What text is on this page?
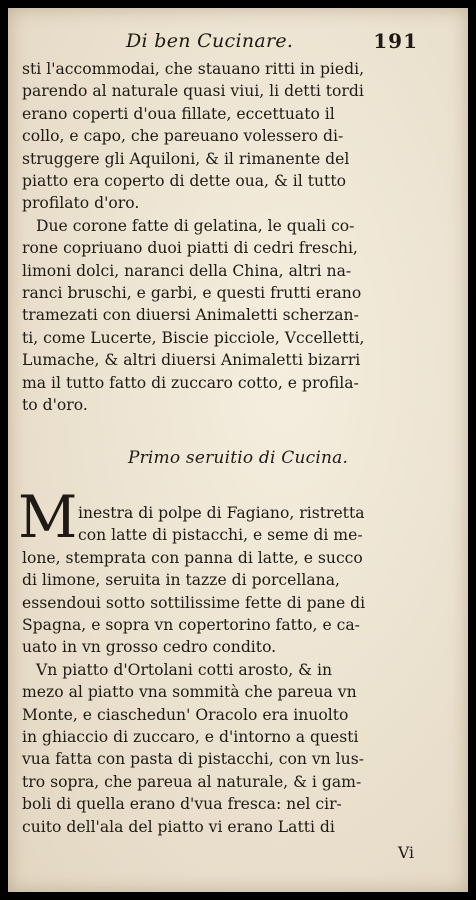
Di ben Cucinare.	191
sti l'accommodai, che stauano ritti in piedi,
parendo al naturale quasi viui, li detti tordi
erano coperti d'oua fillate, eccettuato il
collo, e capo, che pareuano volessero di-
struggere gli Aquiloni, & il rimanente del
piatto era coperto di dette oua, & il tutto
profilato d'oro.
Due corone fatte di gelatina, le quali co-
rone copriuano duoi piatti di cedri freschi,
limoni dolci, naranci della China, altri na-
ranci bruschi, e garbi, e questi frutti erano
tramezati con diuersi Animaletti scherzan-
ti, come Lucerte, Biscie picciole, Vccelletti,
Lumache, & altri diuersi Animaletti bizarri
ma il tutto fatto di zuccaro cotto, e profila-
to d'oro.
Primo seruitio di Cucina.
M inestra di polpe di Fagiano, ristretta
con latte di pistacchi, e seme di me-
lone, stemprata con panna di latte, e succo
di limone, seruita in tazze di porcellana,
essendoui sotto sottilissime fette di pane di
Spagna, e sopra vn copertorino fatto, e ca-
uato in vn grosso cedro condito.
Vn piatto d'Ortolani cotti arosto, & in
mezo al piatto vna sommità che pareua vn
Monte, e ciaschedun' Oracolo era inuolto
in ghiaccio di zuccaro, e d'intorno a questi
vua fatta con pasta di pistacchi, con vn lus-
tro sopra, che pareua al naturale, & i gam-
boli di quella erano d'vua fresca: nel cir-
cuito dell'ala del piatto vi erano Latti di
Vi
